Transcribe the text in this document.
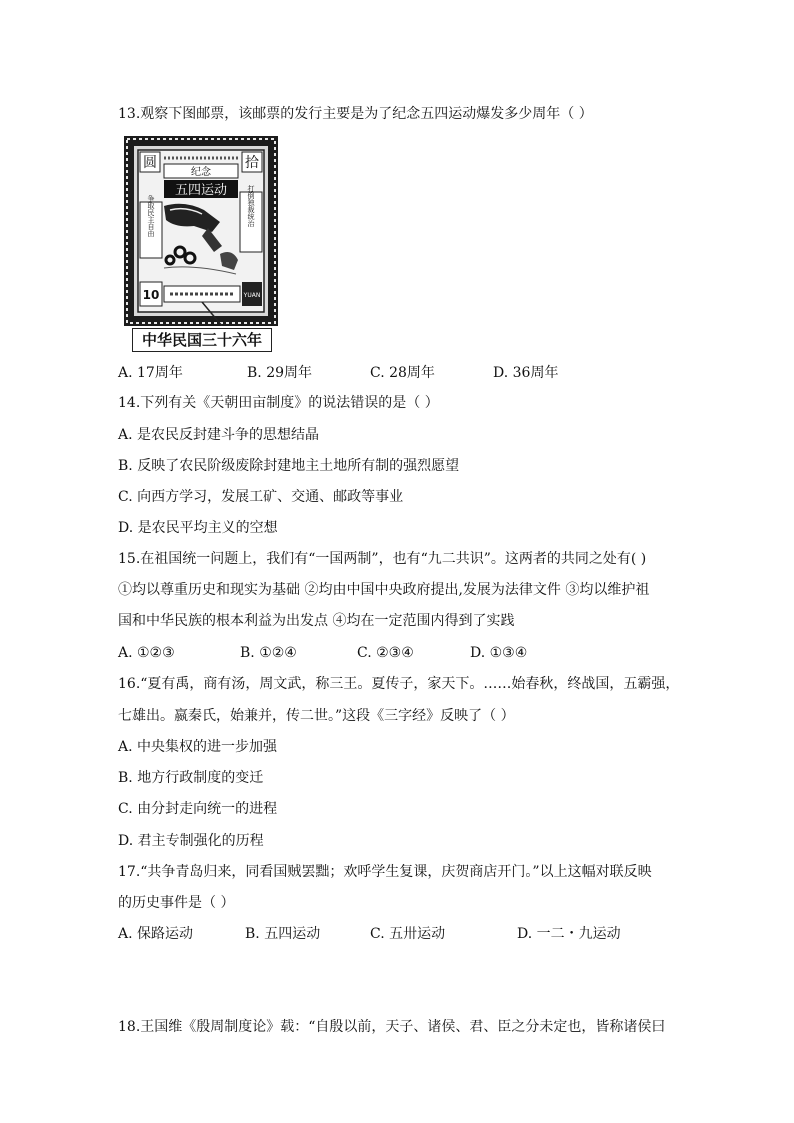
13.观察下图邮票，该邮票的发行主要是为了纪念五四运动爆发多少周年（ ）
圆	拾
纪念
五四运动
争取民主自由	打倒独裁统治
10	YUAN
中华民国三十六年
A. 17周年	B. 29周年	C. 28周年	D. 36周年
14.下列有关《天朝田亩制度》的说法错误的是（ ）
A. 是农民反封建斗争的思想结晶
B. 反映了农民阶级废除封建地主土地所有制的强烈愿望
C. 向西方学习，发展工矿、交通、邮政等事业
D. 是农民平均主义的空想
15.在祖国统一问题上，我们有“一国两制”，也有“九二共识”。这两者的共同之处有( )
①均以尊重历史和现实为基础 ②均由中国中央政府提出,发展为法律文件 ③均以维护祖
国和中华民族的根本利益为出发点 ④均在一定范围内得到了实践
A. ①②③	B. ①②④	C. ②③④	D. ①③④
16.“夏有禹，商有汤，周文武，称三王。夏传子，家天下。……始春秋，终战国，五霸强，
七雄出。嬴秦氏，始兼并，传二世。”这段《三字经》反映了（ ）
A. 中央集权的进一步加强
B. 地方行政制度的变迁
C. 由分封走向统一的进程
D. 君主专制强化的历程
17.“共争青岛归来，同看国贼罢黜；欢呼学生复课，庆贺商店开门。”以上这幅对联反映
的历史事件是（ ）
A. 保路运动	B. 五四运动	C. 五卅运动	D. 一二・九运动
18.王国维《殷周制度论》载：“自殷以前，天子、诸侯、君、臣之分未定也，皆称诸侯曰
